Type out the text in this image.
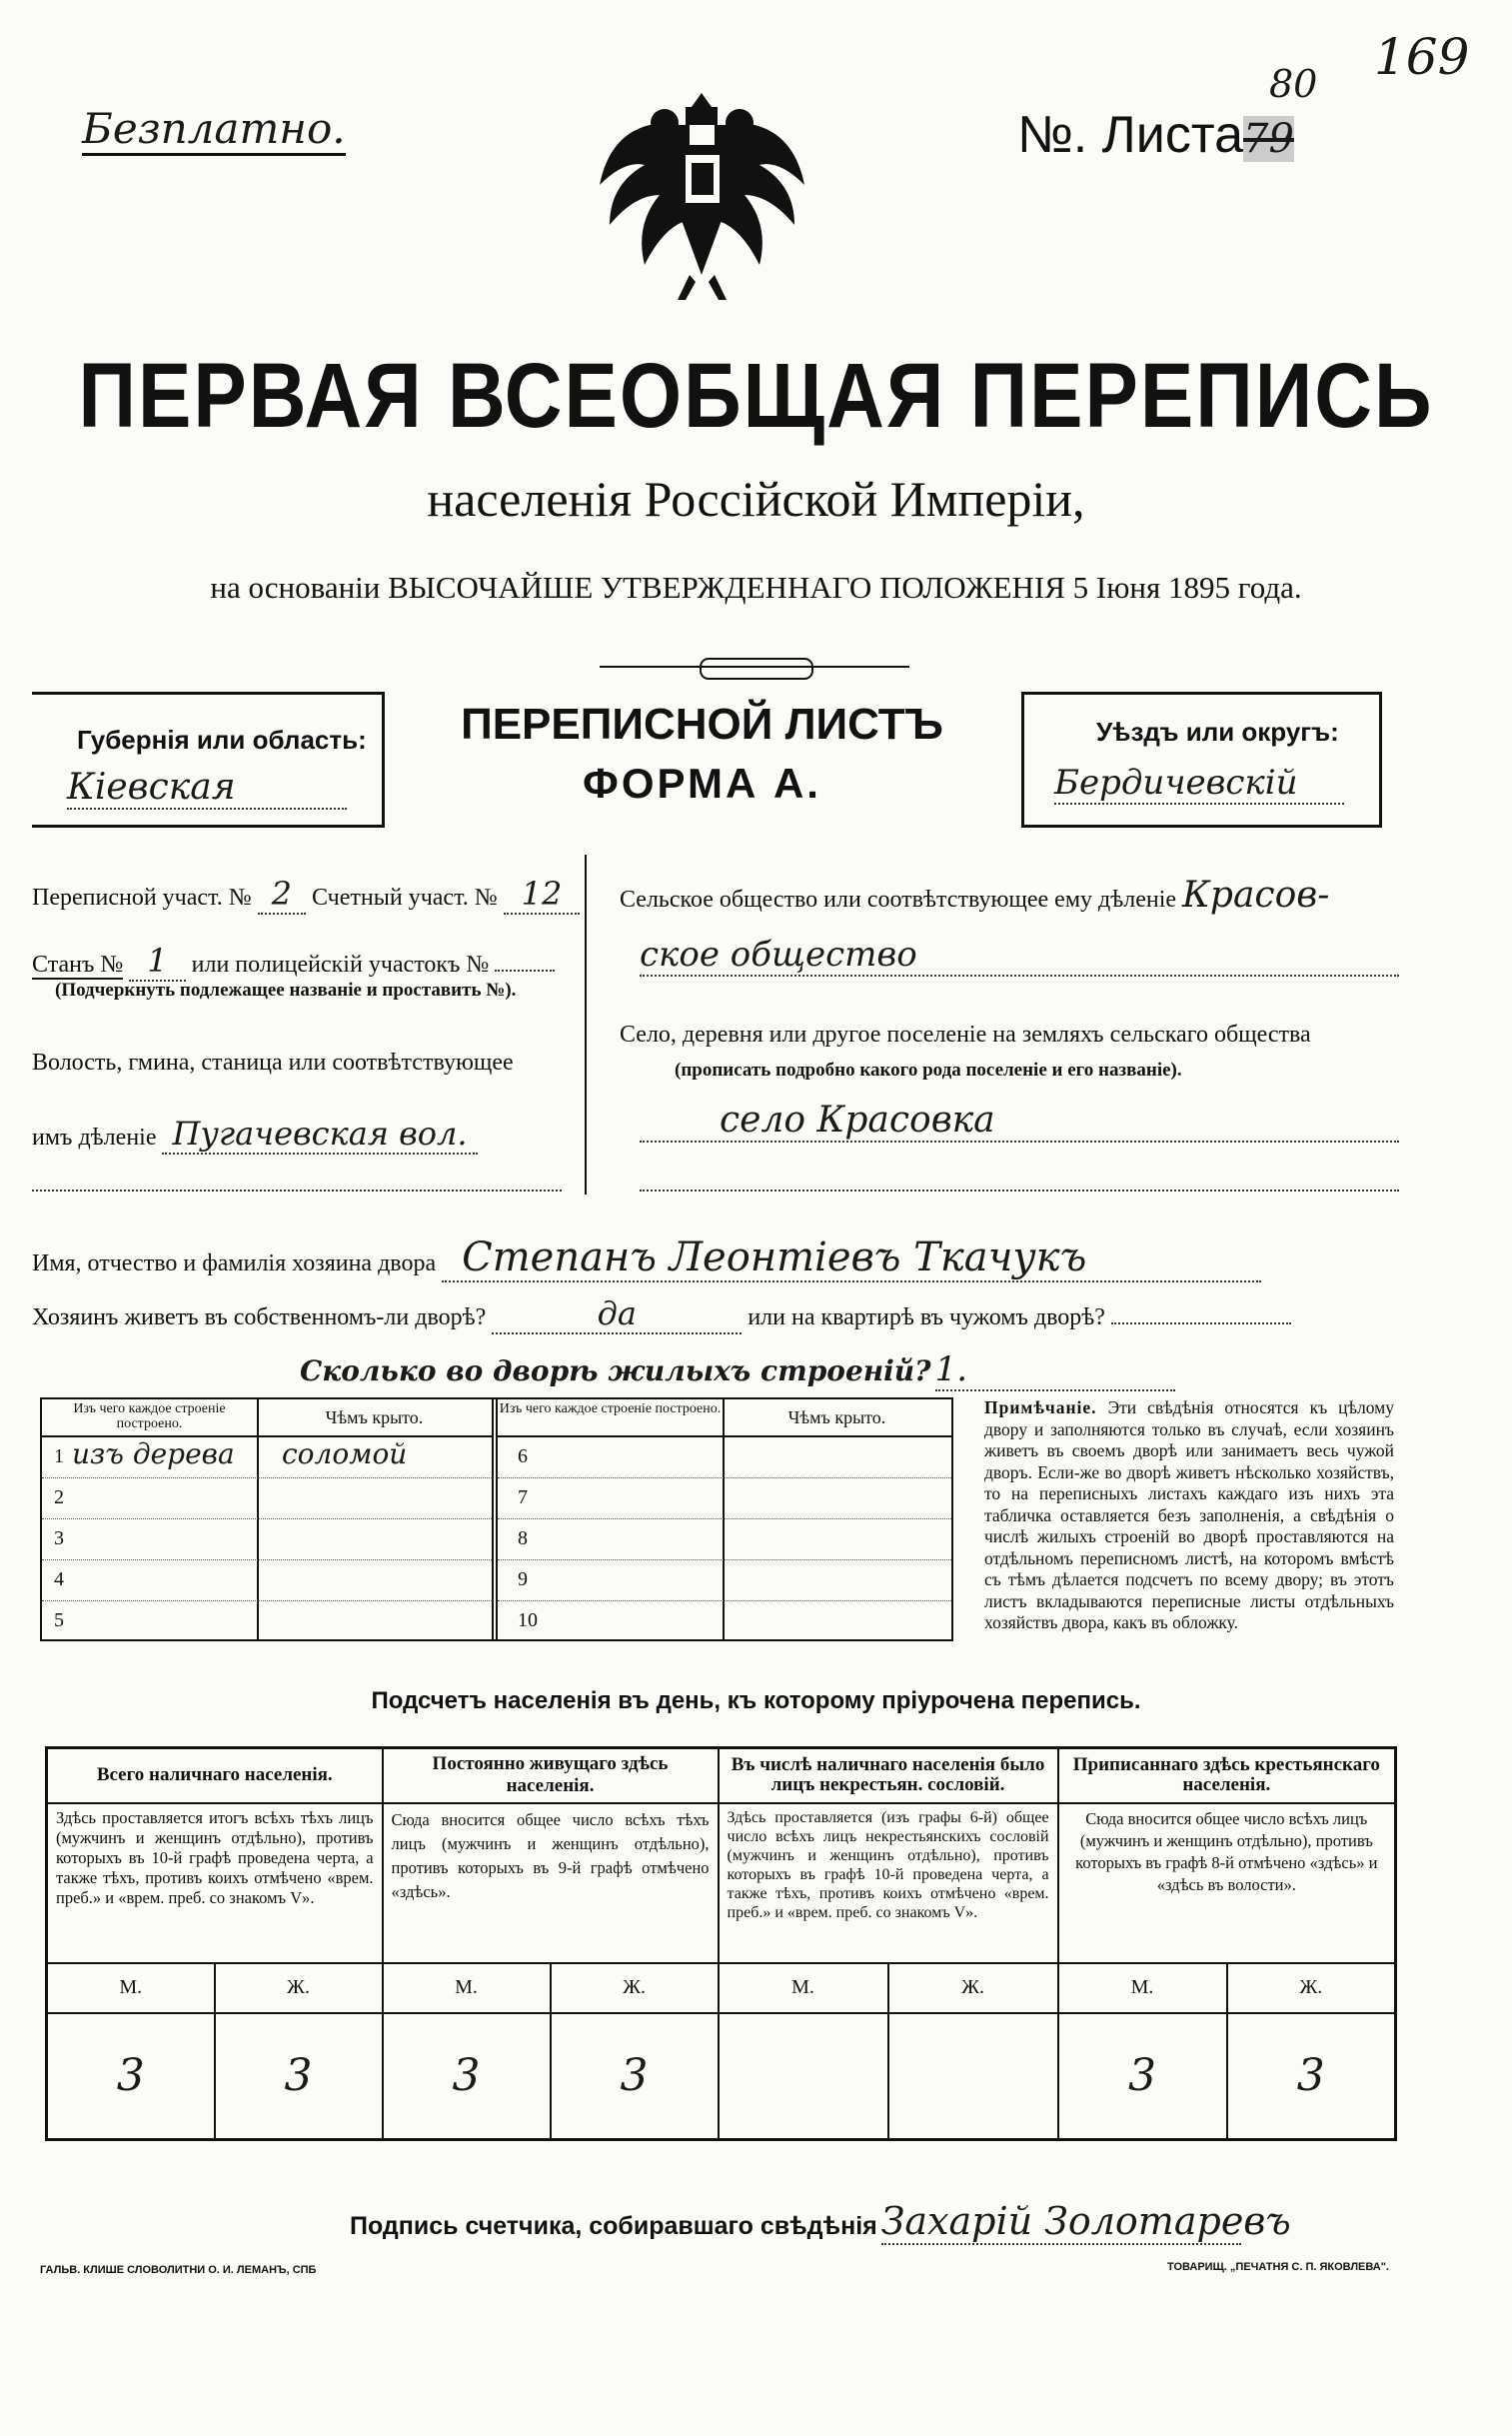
Безплатно.
169
№. Листа79
80
ПЕРВАЯ ВСЕОБЩАЯ ПЕРЕПИСЬ
населенія Россійской Имперіи,
на основаніи ВЫСОЧАЙШЕ УТВЕРЖДЕННАГО ПОЛОЖЕНІЯ 5 Іюня 1895 года.
Губернія или область:
Кіевская
ПЕРЕПИСНОЙ ЛИСТЪ
ФОРМА А.
Уѣздъ или округъ:
Бердичевскій
Переписной участ. № 2 Счетный участ. № 12
Станъ № 1 или полицейскій участокъ №
(Подчеркнуть подлежащее названіе и проставить №).
Волость, гмина, станица или соотвѣтствующее
имъ дѣленіе Пугачевская вол.
Сельское общество или соотвѣтствующее ему дѣленіе Красов-
ское общество
Село, деревня или другое поселеніе на земляхъ сельскаго общества
(прописать подробно какого рода поселеніе и его названіе).
село Красовка
Имя, отчество и фамилія хозяина двора Степанъ Леонтіевъ Ткачукъ
Хозяинъ живетъ въ собственномъ-ли дворѣ?	да	или на квартирѣ въ чужомъ дворѣ?
Сколько во дворѣ жилыхъ строеній? 1.
Изъ чего каждое строеніе построено.	Чѣмъ крыто.
1 изъ дерева соломой
2
3
4
5
Изъ чего каждое строеніе построено.	Чѣмъ крыто.
6
7
8
9
10
Примѣчаніе. Эти свѣдѣнія относятся къ цѣлому двору и заполняются только въ случаѣ, если хозяинъ живетъ въ своемъ дворѣ или занимаетъ весь чужой дворъ. Если-же во дворѣ живетъ нѣсколько хозяйствъ, то на переписныхъ листахъ каждаго изъ нихъ эта табличка оставляется безъ заполненія, а свѣдѣнія о числѣ жилыхъ строеній во дворѣ проставляются на отдѣльномъ переписномъ листѣ, на которомъ вмѣстѣ съ тѣмъ дѣлается подсчетъ по всему двору; въ этотъ листъ вкладываются переписные листы отдѣльныхъ хозяйствъ двора, какъ въ обложку.
Подсчетъ населенія въ день, къ которому пріурочена перепись.
Всего наличнаго населенія.		Постоянно живущаго здѣсь населенія.		Въ числѣ наличнаго населенія было лицъ некрестьян. сословій.		Приписаннаго здѣсь крестьянскаго населенія.	
Здѣсь проставляется итогъ всѣхъ тѣхъ лицъ (мужчинъ и женщинъ отдѣльно), противъ которыхъ въ 10-й графѣ проведена черта, а также тѣхъ, противъ коихъ отмѣчено «врем. преб.» и «врем. преб. со знакомъ V».		Сюда вносится общее число всѣхъ тѣхъ лицъ (мужчинъ и женщинъ отдѣльно), противъ которыхъ въ 9-й графѣ отмѣчено «здѣсь».		Здѣсь проставляется (изъ графы 6-й) общее число всѣхъ лицъ некрестьянскихъ сословій (мужчинъ и женщинъ отдѣльно), противъ которыхъ въ графѣ 10-й проведена черта, а также тѣхъ, противъ коихъ отмѣчено «врем. преб.» и «врем. преб. со знакомъ V».		Сюда вносится общее число всѣхъ лицъ (мужчинъ и женщинъ отдѣльно), противъ которыхъ въ графѣ 8-й отмѣчено «здѣсь» и «здѣсь въ волости».	
М.	Ж.	М.	Ж.	М.	Ж.	М.	Ж.
3	3	3	3			3	3
Подпись счетчика, собиравшаго свѣдѣнія Захарій Золотаревъ
ГАЛЬВ. КЛИШЕ СЛОВОЛИТНИ О. И. ЛЕМАНЪ, СПБ	ТОВАРИЩ. „ПЕЧАТНЯ С. П. ЯКОВЛЕВА".
